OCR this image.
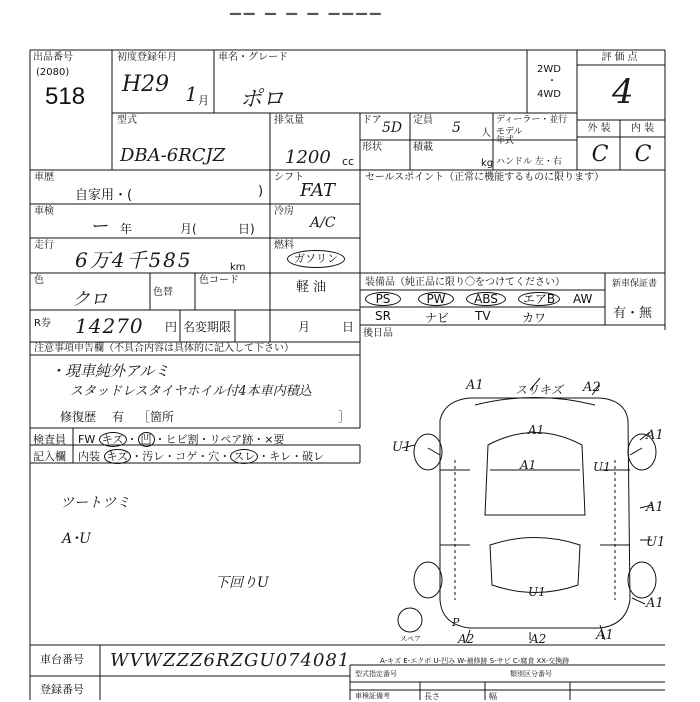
▔▔ ▔ ▔ ▔ ▔▔▔▔
出品番号
(2080)
518
初度登録年月
H29 1 月
車名・グレード
ポロ
2WD
・
4WD
評価点
4
型式
DBA-6RCJZ
排気量
1200 cc
ドア 5D 定員 5 人
形状	積載
kg
ディーラー・並行
モデル
年式
ハンドル 左・右
外 装	内 装
C	C
車歴
自家用・(	)
シフト
FAT
セールスポイント（正常に機能するものに限ります）
車検
ー 年	月(	日)
冷房
A/C
走行
6万4千585	km
燃料
ガソリン
軽 油
色
クロ	色替
色コード	装備品（純正品に限り〇をつけてください）
PS	PW	ABS	エアB	AW
SR	ナビ TV	カワ
新車保証書
有・無
R券 14270 円 名変期限	月	日 後日品
注意事項申告欄（不具合内容は具体的に記入して下さい）
・現車純外アルミ
スタッドレスタイヤホイル付4本車内積込
修復歴 有 ［箇所	］
検査員
記入欄
FW キズ ・ 凹 ・ヒビ割・リペア跡・×要
内装 キズ ・汚レ・コゲ・穴・ スレ ・キレ・破レ
ツートツミ
A･U
下回りU
スリキズ
A1	A2
A1	A1
U1
A1	U1
A1
U1
U1
A1
A2	A2	A1
P
スペア
A-キズ E-エクボ U-凹み W-補修跡 S-サビ C-腐食 XX-交換跡
車台番号 WVWZZZ6RZGU074081
登録番号
型式指定番号	類別区分番号
車検証備考	長さ	幅
